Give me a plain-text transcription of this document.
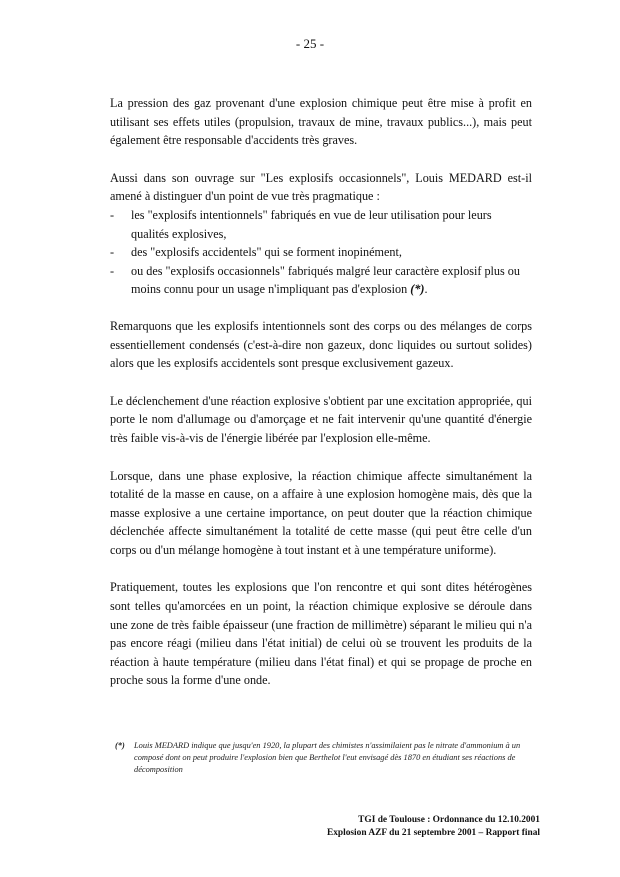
- 25 -

La pression des gaz provenant d'une explosion chimique peut être mise à profit en utilisant ses effets utiles (propulsion, travaux de mine, travaux publics...), mais peut également être responsable d'accidents très graves.

Aussi dans son ouvrage sur "Les explosifs occasionnels", Louis MEDARD est-il amené à distinguer d'un point de vue très pragmatique :

- les "explosifs intentionnels" fabriqués en vue de leur utilisation pour leurs qualités explosives,
- des "explosifs accidentels" qui se forment inopinément,
- ou des "explosifs occasionnels" fabriqués malgré leur caractère explosif plus ou moins connu pour un usage n'impliquant pas d'explosion (*).

Remarquons que les explosifs intentionnels sont des corps ou des mélanges de corps essentiellement condensés (c'est-à-dire non gazeux, donc liquides ou surtout solides) alors que les explosifs accidentels sont presque exclusivement gazeux.

Le déclenchement d'une réaction explosive s'obtient par une excitation appropriée, qui porte le nom d'allumage ou d'amorçage et ne fait intervenir qu'une quantité d'énergie très faible vis-à-vis de l'énergie libérée par l'explosion elle-même.

Lorsque, dans une phase explosive, la réaction chimique affecte simultanément la totalité de la masse en cause, on a affaire à une explosion homogène mais, dès que la masse explosive a une certaine importance, on peut douter que la réaction chimique déclenchée affecte simultanément la totalité de cette masse (qui peut être celle d'un corps ou d'un mélange homogène à tout instant et à une température uniforme).

Pratiquement, toutes les explosions que l'on rencontre et qui sont dites hétérogènes sont telles qu'amorcées en un point, la réaction chimique explosive se déroule dans une zone de très faible épaisseur (une fraction de millimètre) séparant le milieu qui n'a pas encore réagi (milieu dans l'état initial) de celui où se trouvent les produits de la réaction à haute température (milieu dans l'état final) et qui se propage de proche en proche sous la forme d'une onde.

(*)	Louis MEDARD indique que jusqu'en 1920, la plupart des chimistes n'assimilaient pas le nitrate d'ammonium à un composé dont on peut produire l'explosion bien que Berthelot l'eut envisagé dès 1870 en étudiant ses réactions de décomposition
TGI de Toulouse : Ordonnance du 12.10.2001
Explosion AZF du 21 septembre 2001 – Rapport final
